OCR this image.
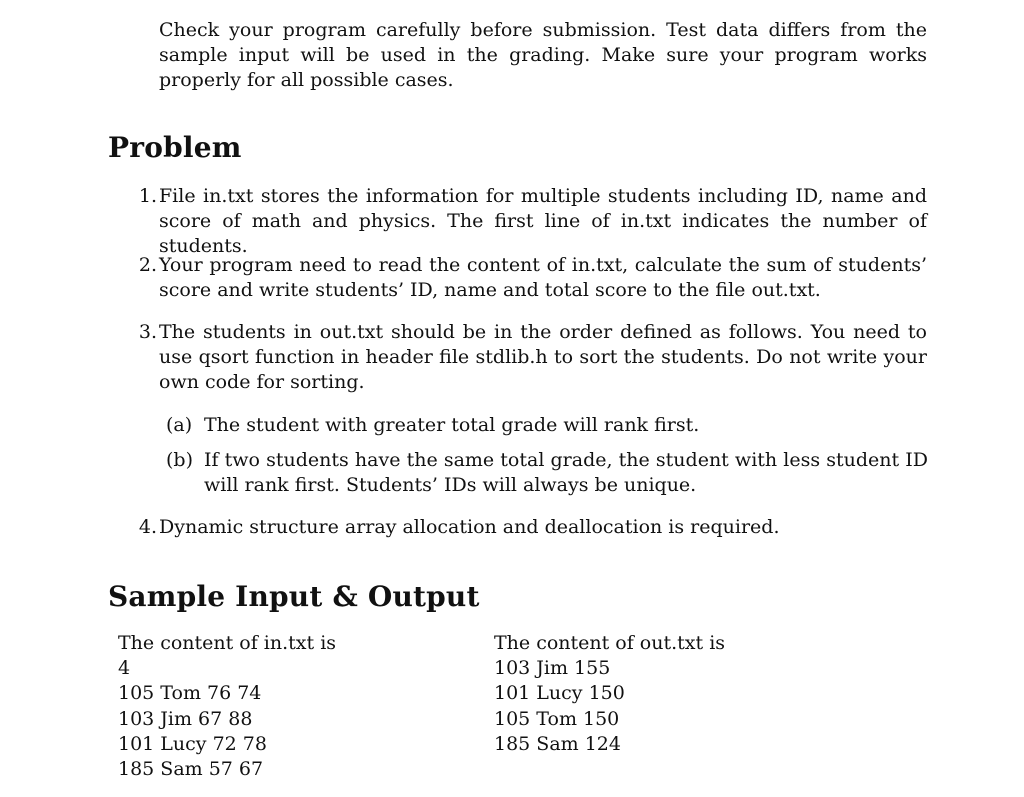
Check your program carefully before submission. Test data differs from the sample input will be used in the grading. Make sure your program works properly for all possible cases.
Problem
1. File in.txt stores the information for multiple students including ID, name and score of math and physics. The first line of in.txt indicates the number of students.
2. Your program need to read the content of in.txt, calculate the sum of students’ score and write students’ ID, name and total score to the file out.txt.
3. The students in out.txt should be in the order defined as follows. You need to use qsort function in header file stdlib.h to sort the students. Do not write your own code for sorting.
(a) The student with greater total grade will rank first.
(b) If two students have the same total grade, the student with less student ID will rank first. Students’ IDs will always be unique.
4. Dynamic structure array allocation and deallocation is required.
Sample Input & Output
The content of in.txt is
4
105 Tom 76 74
103 Jim 67 88
101 Lucy 72 78
185 Sam 57 67
The content of out.txt is
103 Jim 155
101 Lucy 150
105 Tom 150
185 Sam 124
